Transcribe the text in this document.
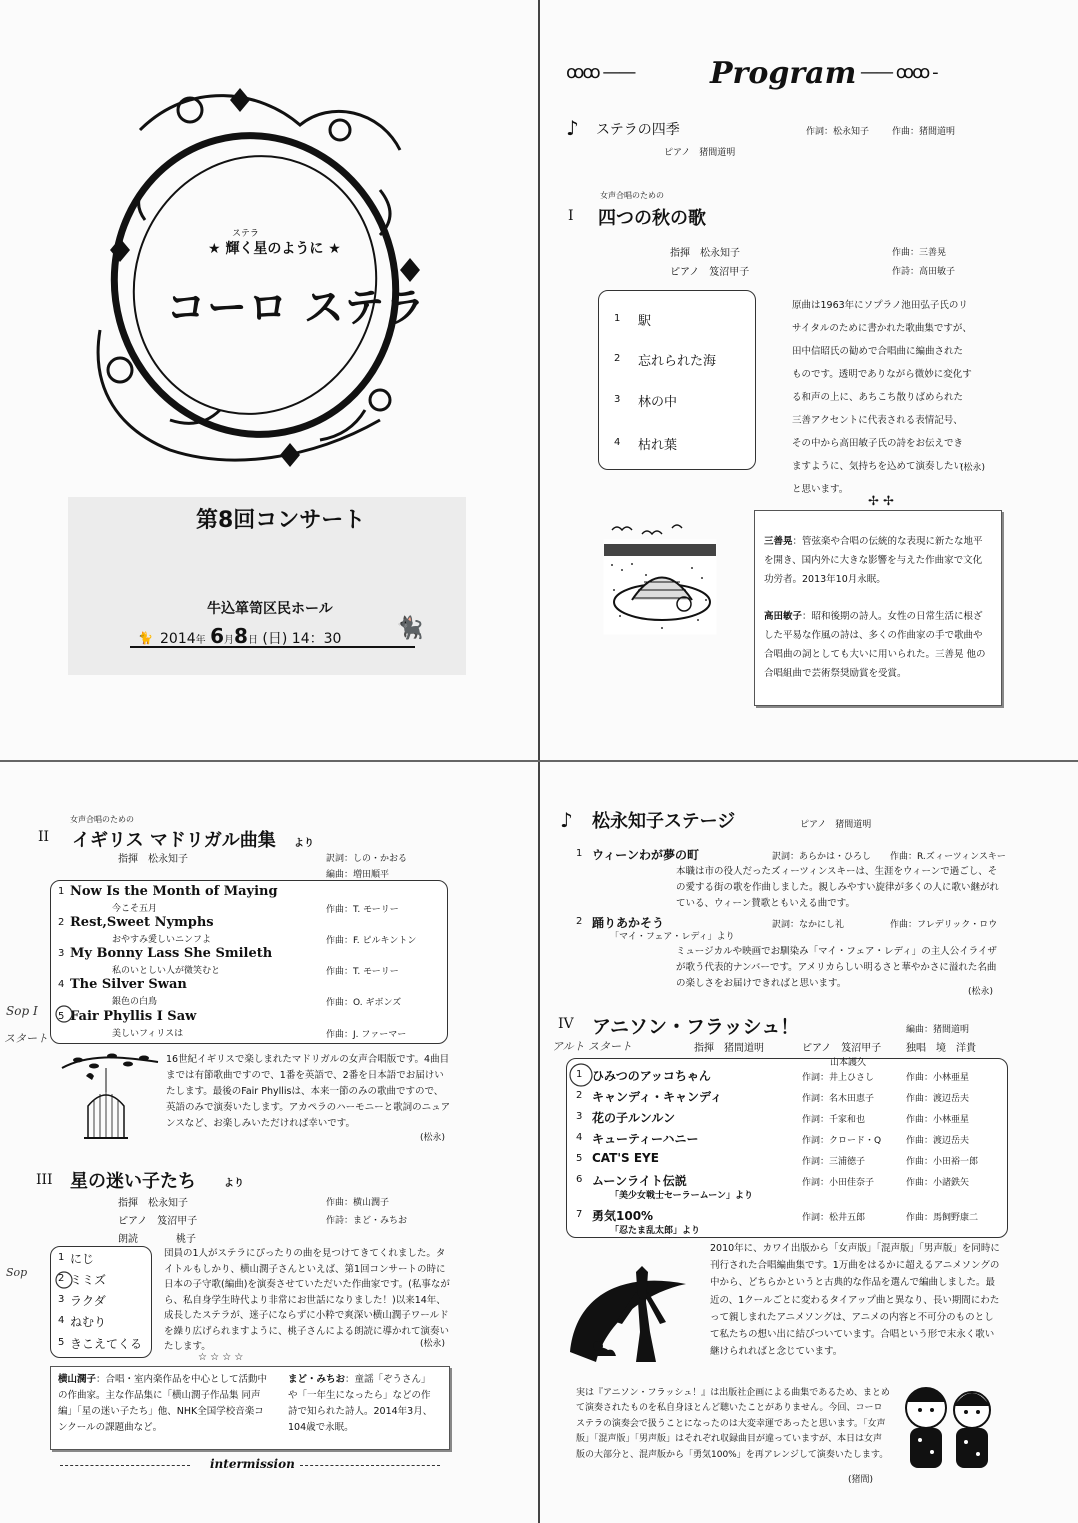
ステラ
★ 輝く星のように ★
コーロ ステラ
第8回コンサート
牛込箪笥区民ホール
2014年 6月8日 (日) 14：30
🐈	🐈‍⬛
ꝏꝏ ——	Program —— ꝏꝏ -
♪ ステラの四季	作詞：松永知子	作曲：猪間道明
ピアノ　猪間道明
女声合唱のための
I 四つの秋の歌
指揮　松永知子
ピアノ　笈沼甲子
作曲：三善晃
作詩：高田敏子
1 駅
2 忘れられた海
3 林の中
4 枯れ葉
原曲は1963年にソプラノ池田弘子氏のリサイタルのために書かれた歌曲集ですが、田中信昭氏の勧めで合唱曲に編曲されたものです。透明でありながら微妙に変化する和声の上に、あちこち散りばめられた三善アクセントに代表される表情記号、その中から高田敏子氏の詩をお伝えできますように、気持ちを込めて演奏したいと思います。
(松永)
✢ ✢
三善晃：管弦楽や合唱の伝統的な表現に新たな地平を開き、国内外に大きな影響を与えた作曲家で文化功労者。2013年10月永眠。
高田敏子：昭和後期の詩人。女性の日常生活に根ざした平易な作風の詩は、多くの作曲家の手で歌曲や合唱曲の詞としても大いに用いられた。三善晃 他の合唱組曲で芸術祭奨励賞を受賞。
女声合唱のための
II イギリス マドリガル曲集 より
指揮　松永知子	訳詞：しの・かおる
編曲：増田順平
1 Now Is the Month of Maying
今こそ五月	作曲：T. モーリー
2 Rest,Sweet Nymphs
おやすみ愛しいニンフよ	作曲：F. ピルキントン
3 My Bonny Lass She Smileth
私のいとしい人が微笑むと	作曲：T. モーリー
4 The Silver Swan
銀色の白鳥	作曲：O. ギボンズ
5 Fair Phyllis I Saw
美しいフィリスは	作曲：J. ファーマー
Sop I
スタート
16世紀イギリスで楽しまれたマドリガルの女声合唱版です。4曲目までは有節歌曲ですので、1番を英語で、2番を日本語でお届けいたします。最後のFair Phyllisは、本来一節のみの歌曲ですので、英語のみで演奏いたします。アカペラのハーモニーと歌詞のニュアンスなど、お楽しみいただければ幸いです。
(松永)
III 星の迷い子たち	より
指揮　松永知子
ピアノ　笈沼甲子
朗読	桃子
作曲：横山潤子
作詩：まど・みちお
1 にじ
2 ミミズ
3 ラクダ
4 ねむり
5 きこえてくる
Sop
団員の1人がステラにぴったりの曲を見つけてきてくれました。タイトルもしかり、横山潤子さんといえば、第1回コンサートの時に日本の子守歌(編曲)を演奏させていただいた作曲家です。(私事ながら、私自身学生時代より非常にお世話になりました！)以来14年、成長したステラが、迷子にならずに小粋で爽深い横山潤子ワールドを繰り広げられますように、桃子さんによる朗読に導かれて演奏いたします。	(松永)
☆ ☆ ☆ ☆
横山潤子：合唱・室内楽作品を中心として活動中の作曲家。主な作品集に「横山潤子作品集 同声編」「星の迷い子たち」他、NHK全国学校音楽コンクールの課題曲など。
まど・みちお：童謡「ぞうさん」や「一年生になったら」などの作詩で知られた詩人。2014年3月、104歳で永眠。
intermission
♪ 松永知子ステージ	ピアノ　猪間道明
1 ウィーンわが夢の町	訳詞：あらかは・ひろし 作曲：R.ズィーツィンスキー
本職は市の役人だったズィーツィンスキーは、生涯をウィーンで過ごし、その愛する街の歌を作曲しました。親しみやすい旋律が多くの人に歌い継がれている、ウィーン賛歌ともいえる曲です。
2 踊りあかそう
「マイ・フェア・レディ」より
訳詞：なかにし礼	作曲：フレデリック・ロウ
ミュージカルや映画でお馴染み「マイ・フェア・レディ」の主人公イライザが歌う代表的ナンバーです。アメリカらしい明るさと華やかさに溢れた名曲の楽しさをお届けできればと思います。
(松永)
IV アニソン・フラッシュ！	編曲：猪間道明
アルト スタート	指揮　猪間道明	ピアノ　笈沼甲子 独唱　境　洋貴
山本護久
1 ひみつのアッコちゃん	作詞：井上ひさし	作曲：小林亜星
2 キャンディ・キャンディ	作詞：名木田恵子	作曲：渡辺岳夫
3 花の子ルンルン	作詞：千家和也	作曲：小林亜星
4 キューティーハニー	作詞：クロード・Q	作曲：渡辺岳夫
5 CAT'S EYE	作詞：三浦徳子	作曲：小田裕一郎
6 ムーンライト伝説
「美少女戦士セーラームーン」より
作詞：小田佳奈子	作曲：小諸鉄矢
7 勇気100%
「忍たま乱太郎」より
作詞：松井五郎	作曲：馬飼野康二
2010年に、カワイ出版から「女声版」「混声版」「男声版」を同時に刊行された合唱編曲集です。1万曲をはるかに超えるアニメソングの中から、どちらかというと古典的な作品を選んで編曲しました。最近の、1クールごとに変わるタイアップ曲と異なり、長い期間にわたって親しまれたアニメソングは、アニメの内容と不可分のものとして私たちの想い出に結びついています。合唱という形で末永く歌い継けられればと念じています。
実は『アニソン・フラッシュ！』は出版社企画による曲集であるため、まとめて演奏されたものを私自身ほとんど聴いたことがありません。今回、コーロステラの演奏会で扱うことになったのは大変幸運であったと思います。「女声版」「混声版」「男声版」はそれぞれ収録曲目が違っていますが、本日は女声版の大部分と、混声版から「勇気100%」を再アレンジして演奏いたします。
(猪間)
